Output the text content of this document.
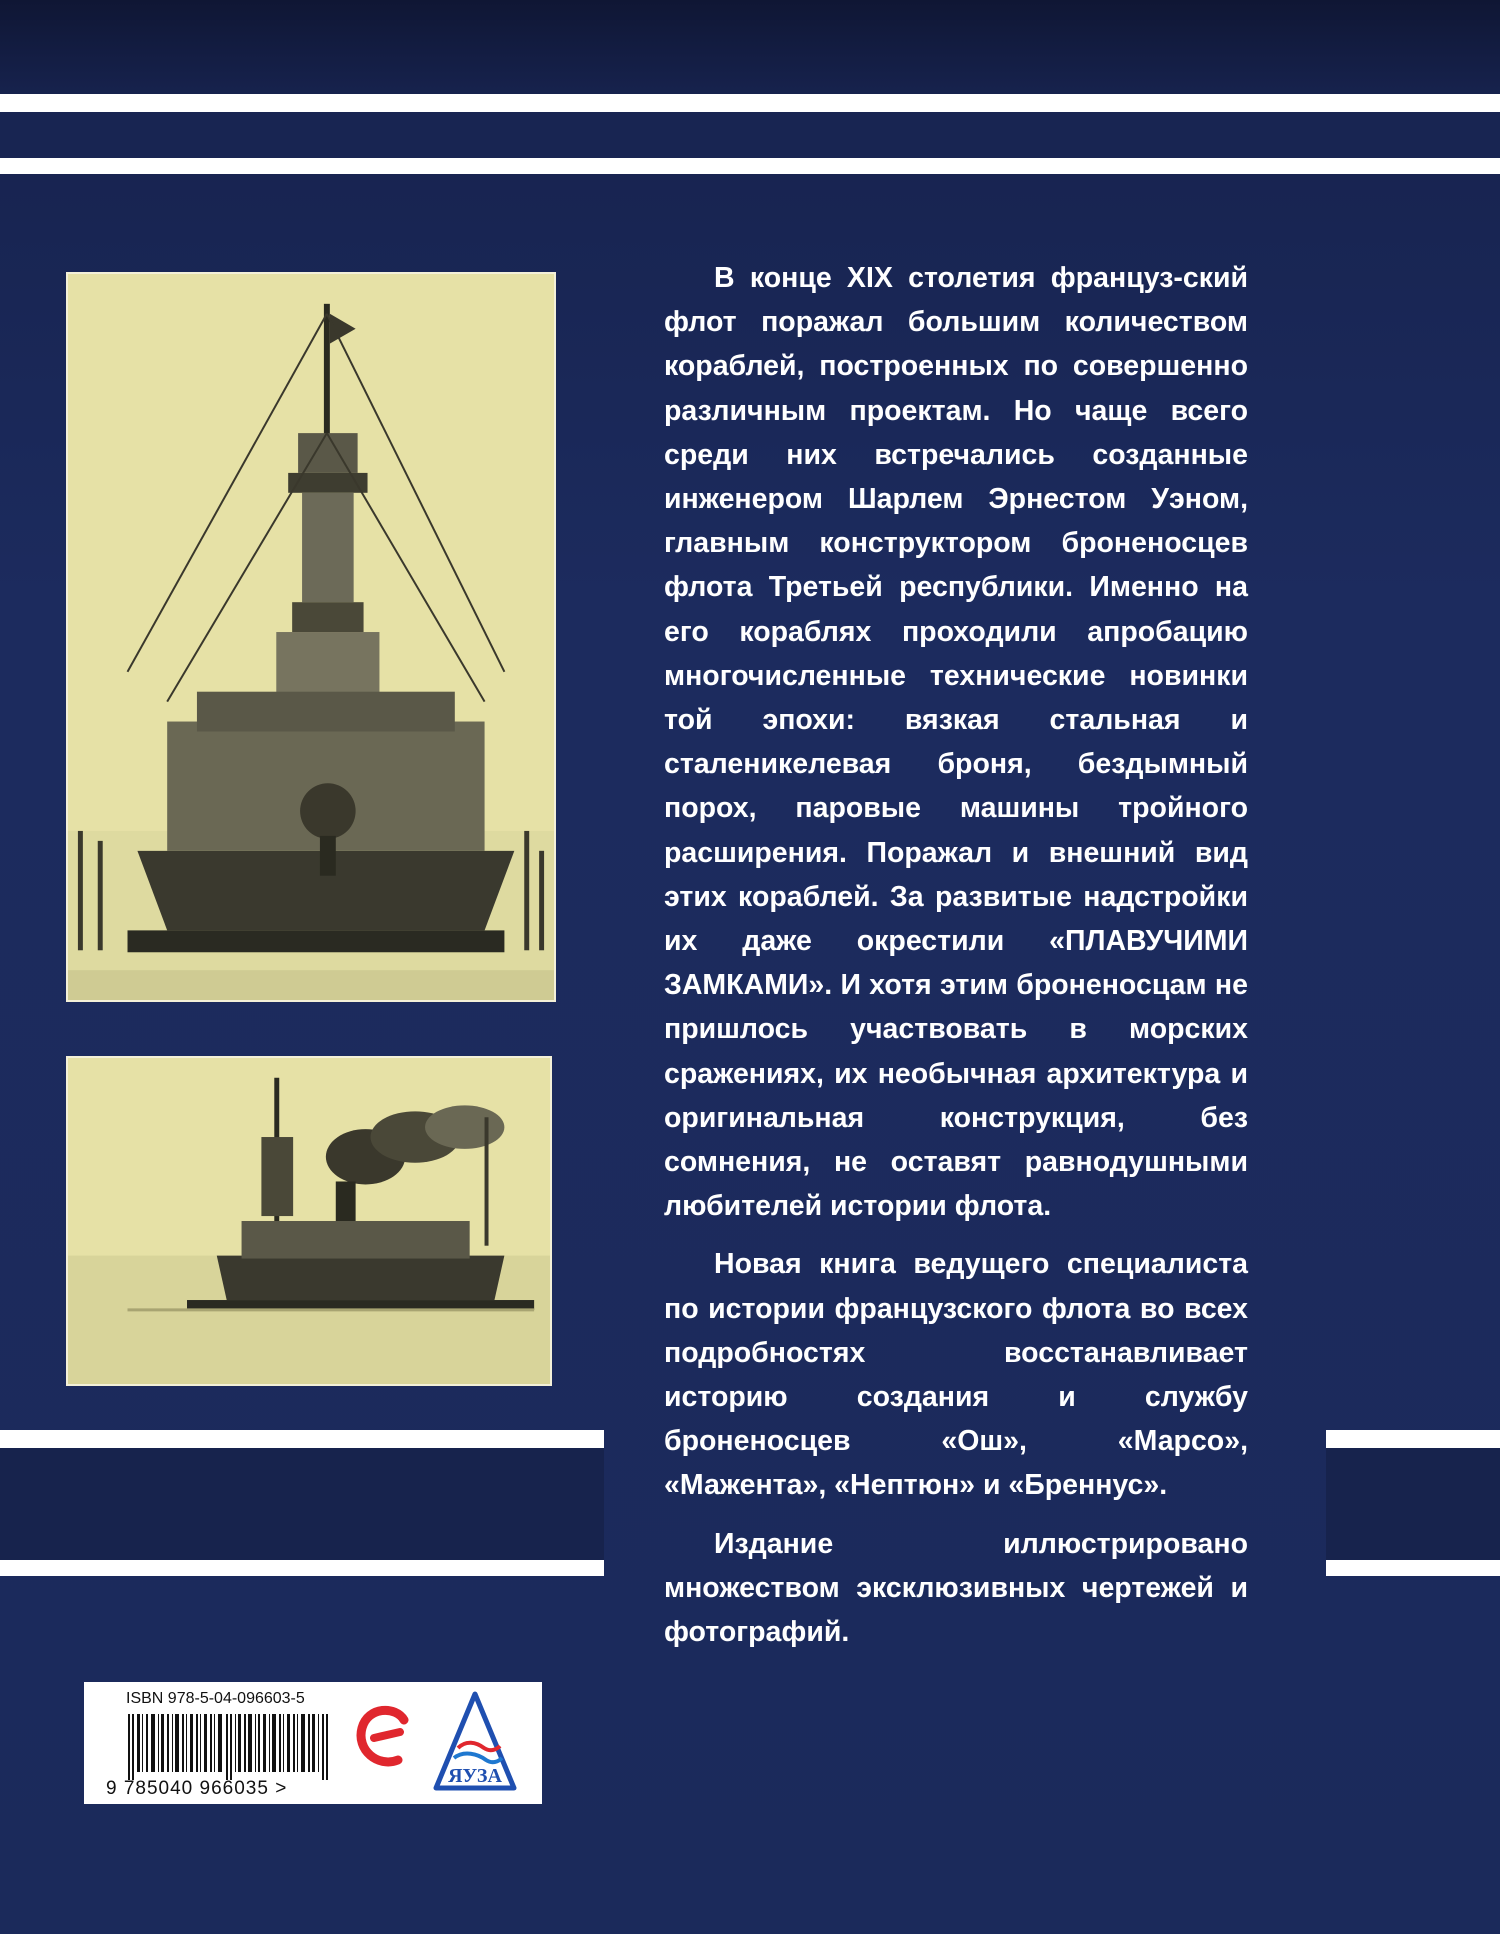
В конце XIX столетия француз-ский флот поражал большим количеством кораблей, построенных по совершенно различным проектам. Но чаще всего среди них встречались созданные инженером Шарлем Эрнестом Уэном, главным конструктором броненосцев флота Третьей республики. Именно на его кораблях проходили апробацию многочисленные технические новинки той эпохи: вязкая стальная и сталеникелевая броня, бездымный порох, паровые машины тройного расширения. Поражал и внешний вид этих кораблей. За развитые надстройки их даже окрестили «ПЛАВУЧИМИ ЗАМКАМИ». И хотя этим броненосцам не пришлось участвовать в морских сражениях, их необычная архитектура и оригинальная конструкция, без сомнения, не оставят равнодушными любителей истории флота.

Новая книга ведущего специалиста по истории французского флота во всех подробностях восстанавливает историю создания и службу броненосцев «Ош», «Марсо», «Мажента», «Нептюн» и «Бреннус».

Издание иллюстрировано множеством эксклюзивных чертежей и фотографий.

ISBN 978-5-04-096603-5
9 785040 966035 >
ЯУЗА
